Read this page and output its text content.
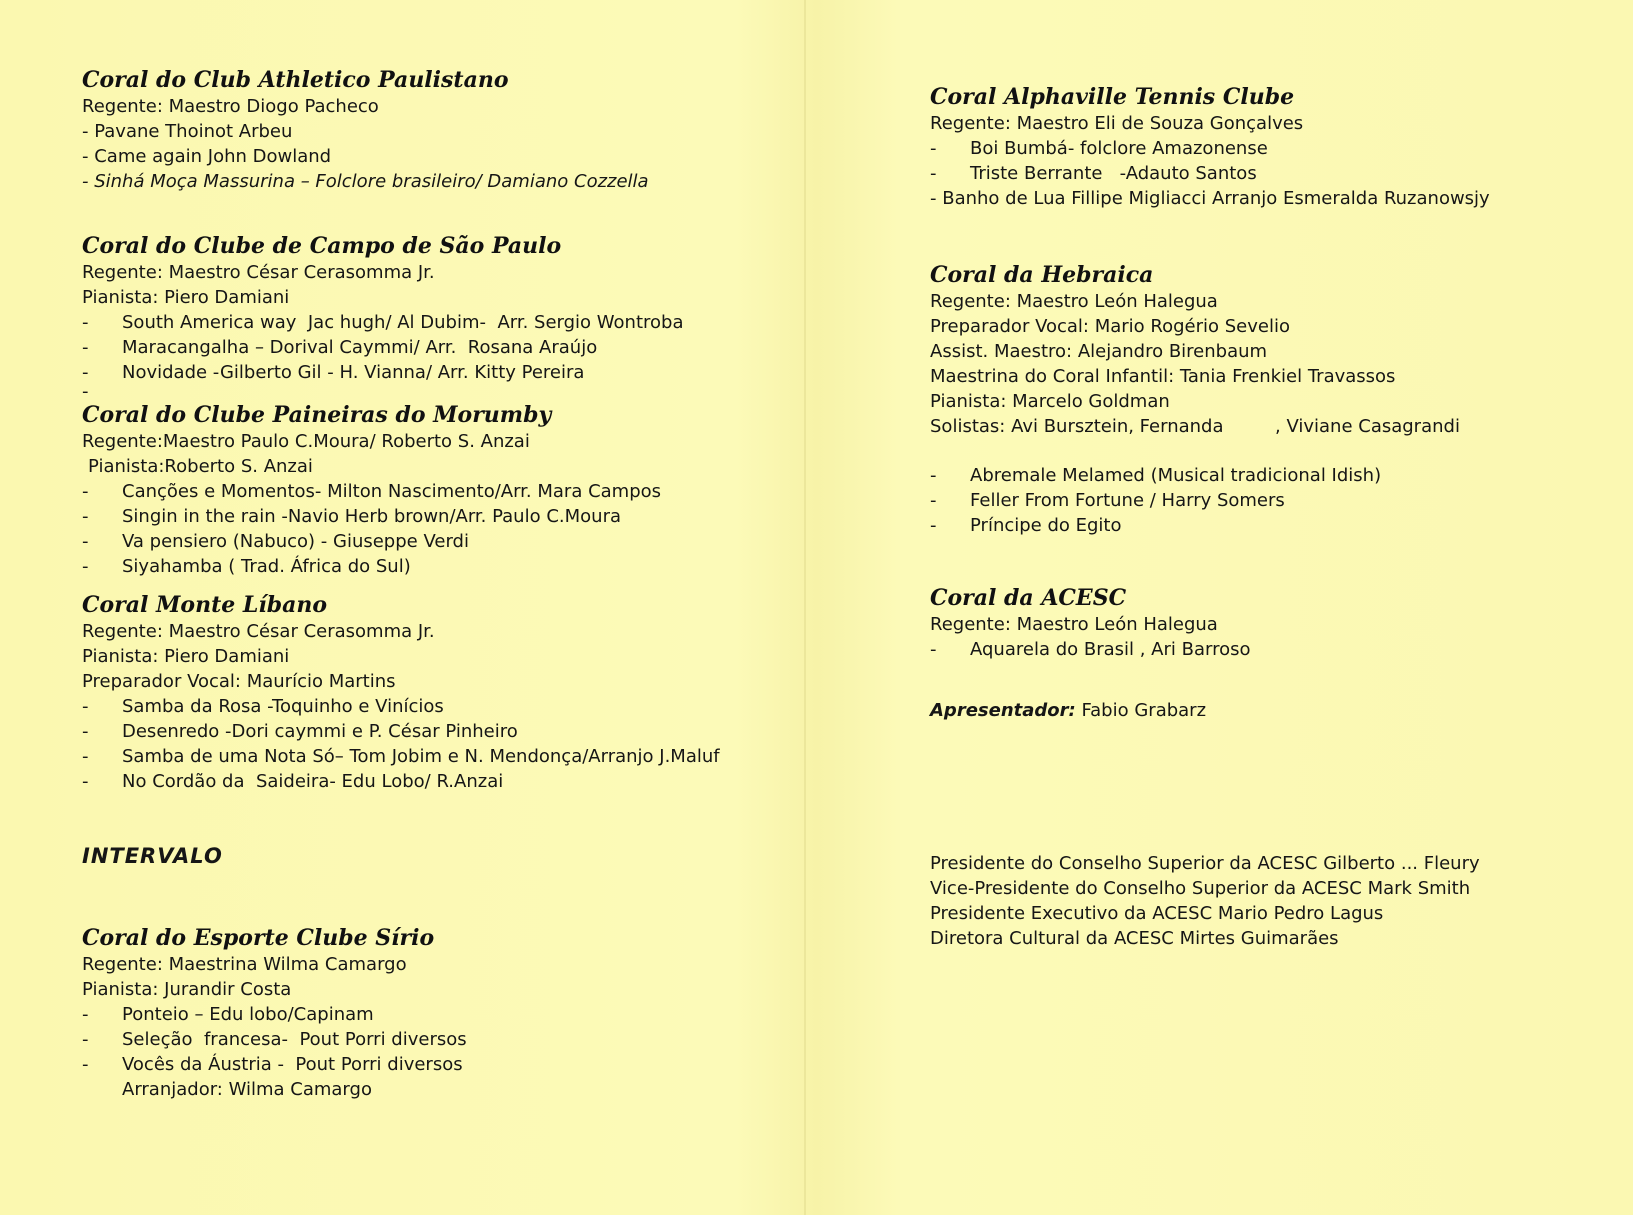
Coral do Club Athletico Paulistano
Regente: Maestro Diogo Pacheco
- Pavane Thoinot Arbeu
- Came again John Dowland
- Sinhá Moça Massurina – Folclore brasileiro/ Damiano Cozzella
Coral do Clube de Campo de São Paulo
Regente: Maestro César Cerasomma Jr.
Pianista: Piero Damiani
-	South America way  Jac hugh/ Al Dubim-  Arr. Sergio Wontroba
-	Maracangalha – Dorival Caymmi/ Arr.  Rosana Araújo
-	Novidade -Gilberto Gil - H. Vianna/ Arr. Kitty Pereira
-
Coral do Clube Paineiras do Morumby
Regente:Maestro Paulo C.Moura/ Roberto S. Anzai
Pianista:Roberto S. Anzai
-	Canções e Momentos- Milton Nascimento/Arr. Mara Campos
-	Singin in the rain -Navio Herb brown/Arr. Paulo C.Moura
-	Va pensiero (Nabuco) - Giuseppe Verdi
-	Siyahamba ( Trad. África do Sul)
Coral Monte Líbano
Regente: Maestro César Cerasomma Jr.
Pianista: Piero Damiani
Preparador Vocal: Maurício Martins
-	Samba da Rosa -Toquinho e Vinícios
-	Desenredo -Dori caymmi e P. César Pinheiro
-	Samba de uma Nota Só– Tom Jobim e N. Mendonça/Arranjo J.Maluf
-	No Cordão da  Saideira- Edu Lobo/ R.Anzai
INTERVALO
Coral do Esporte Clube Sírio
Regente: Maestrina Wilma Camargo
Pianista: Jurandir Costa
-	Ponteio – Edu lobo/Capinam
-	Seleção  francesa-  Pout Porri diversos
-	Vocês da Áustria -  Pout Porri diversos
Arranjador: Wilma Camargo
Coral Alphaville Tennis Clube
Regente: Maestro Eli de Souza Gonçalves
-	Boi Bumbá- folclore Amazonense
-	Triste Berrante   -Adauto Santos
- Banho de Lua Fillipe Migliacci Arranjo Esmeralda Ruzanowsjy
Coral da Hebraica
Regente: Maestro León Halegua
Preparador Vocal: Mario Rogério Sevelio
Assist. Maestro: Alejandro Birenbaum
Maestrina do Coral Infantil: Tania Frenkiel Travassos
Pianista: Marcelo Goldman
Solistas: Avi Bursztein, Fernanda         , Viviane Casagrandi
-	Abremale Melamed (Musical tradicional Idish)
-	Feller From Fortune / Harry Somers
-	Príncipe do Egito
Coral da ACESC
Regente: Maestro León Halegua
-	Aquarela do Brasil , Ari Barroso
Apresentador: Fabio Grabarz
Presidente do Conselho Superior da ACESC Gilberto ... Fleury
Vice-Presidente do Conselho Superior da ACESC Mark Smith
Presidente Executivo da ACESC Mario Pedro Lagus
Diretora Cultural da ACESC Mirtes Guimarães
